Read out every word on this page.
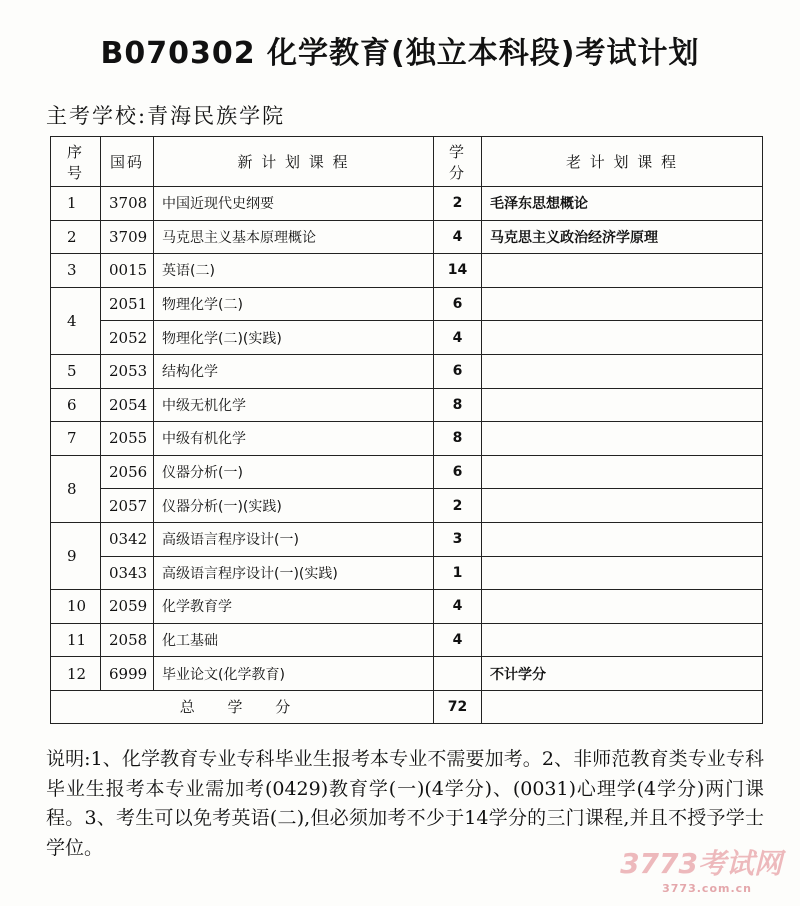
B070302 化学教育(独立本科段)考试计划
主考学校:青海民族学院
序号	国码	新 计 划 课 程	学分	老 计 划 课 程
1	3708	中国近现代史纲要	2	毛泽东思想概论
2	3709	马克思主义基本原理概论	4	马克思主义政治经济学原理
3	0015	英语(二)	14	
4	2051	物理化学(二)	6	
	2052	物理化学(二)(实践)	4	
5	2053	结构化学	6	
6	2054	中级无机化学	8	
7	2055	中级有机化学	8	
8	2056	仪器分析(一)	6	
	2057	仪器分析(一)(实践)	2	
9	0342	高级语言程序设计(一)	3	
	0343	高级语言程序设计(一)(实践)	1	
10	2059	化学教育学	4	
11	2058	化工基础	4	
12	6999	毕业论文(化学教育)		不计学分
总 学 分			72	
说明:1、化学教育专业专科毕业生报考本专业不需要加考。2、非师范教育类专业专科毕业生报考本专业需加考(0429)教育学(一)(4学分)、(0031)心理学(4学分)两门课程。3、考生可以免考英语(二),但必须加考不少于14学分的三门课程,并且不授予学士学位。	3773考试网
3773.com.cn
